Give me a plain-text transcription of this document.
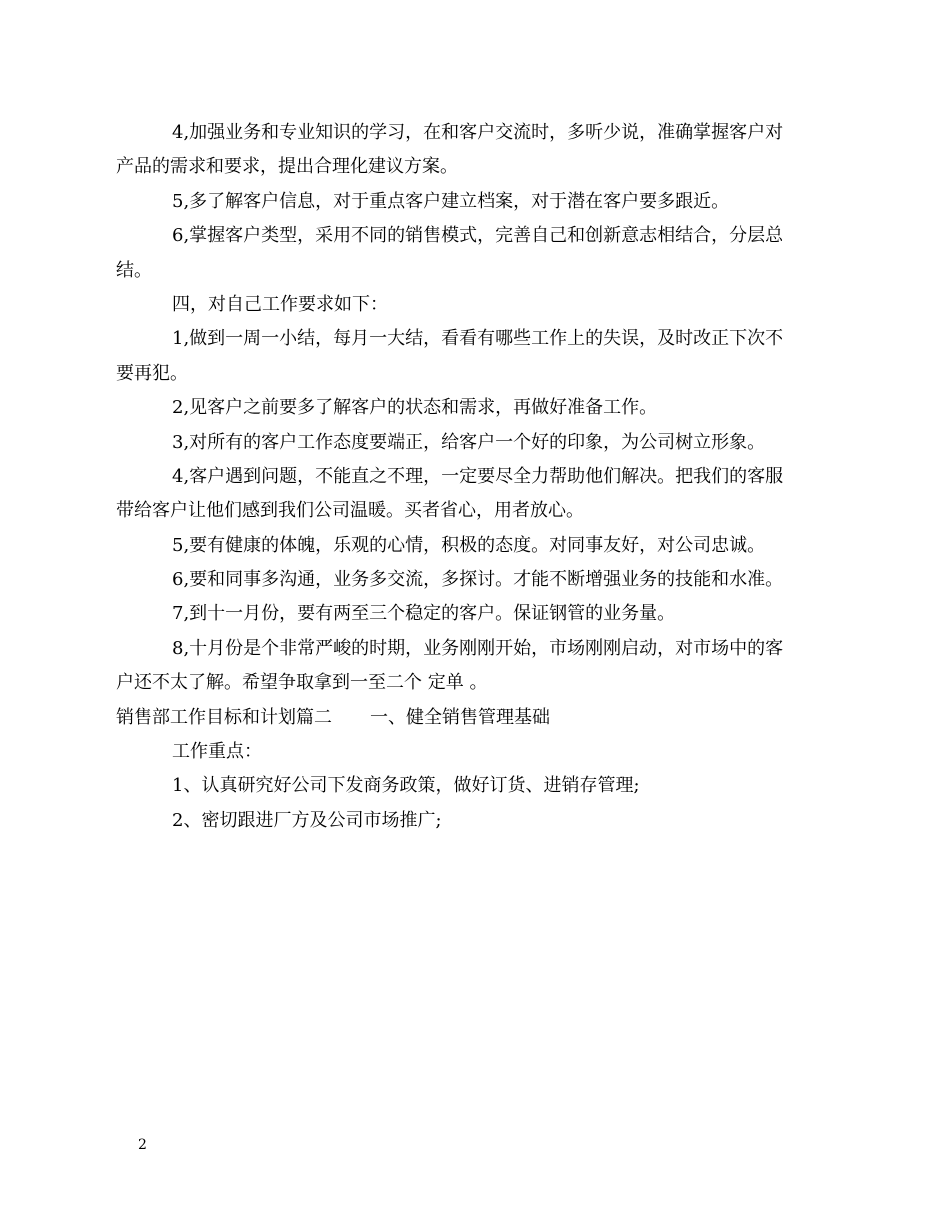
4,加强业务和专业知识的学习，在和客户交流时，多听少说，准确掌握客户对
产品的需求和要求，提出合理化建议方案。
5,多了解客户信息，对于重点客户建立档案，对于潜在客户要多跟近。
6,掌握客户类型，采用不同的销售模式，完善自己和创新意志相结合，分层总
结。
四，对自己工作要求如下：
1,做到一周一小结，每月一大结，看看有哪些工作上的失误，及时改正下次不
要再犯。
2,见客户之前要多了解客户的状态和需求，再做好准备工作。
3,对所有的客户工作态度要端正，给客户一个好的印象，为公司树立形象。
4,客户遇到问题，不能直之不理，一定要尽全力帮助他们解决。把我们的客服
带给客户让他们感到我们公司温暖。买者省心，用者放心。
5,要有健康的体魄，乐观的心情，积极的态度。对同事友好，对公司忠诚。
6,要和同事多沟通，业务多交流，多探讨。才能不断增强业务的技能和水准。
7,到十一月份，要有两至三个稳定的客户。保证钢管的业务量。
8,十月份是个非常严峻的时期，业务刚刚开始，市场刚刚启动，对市场中的客
户还不太了解。希望争取拿到一至二个 定单 。
销售部工作目标和计划篇二 一、健全销售管理基础
工作重点：
1、认真研究好公司下发商务政策，做好订货、进销存管理;
2、密切跟进厂方及公司市场推广;
2
